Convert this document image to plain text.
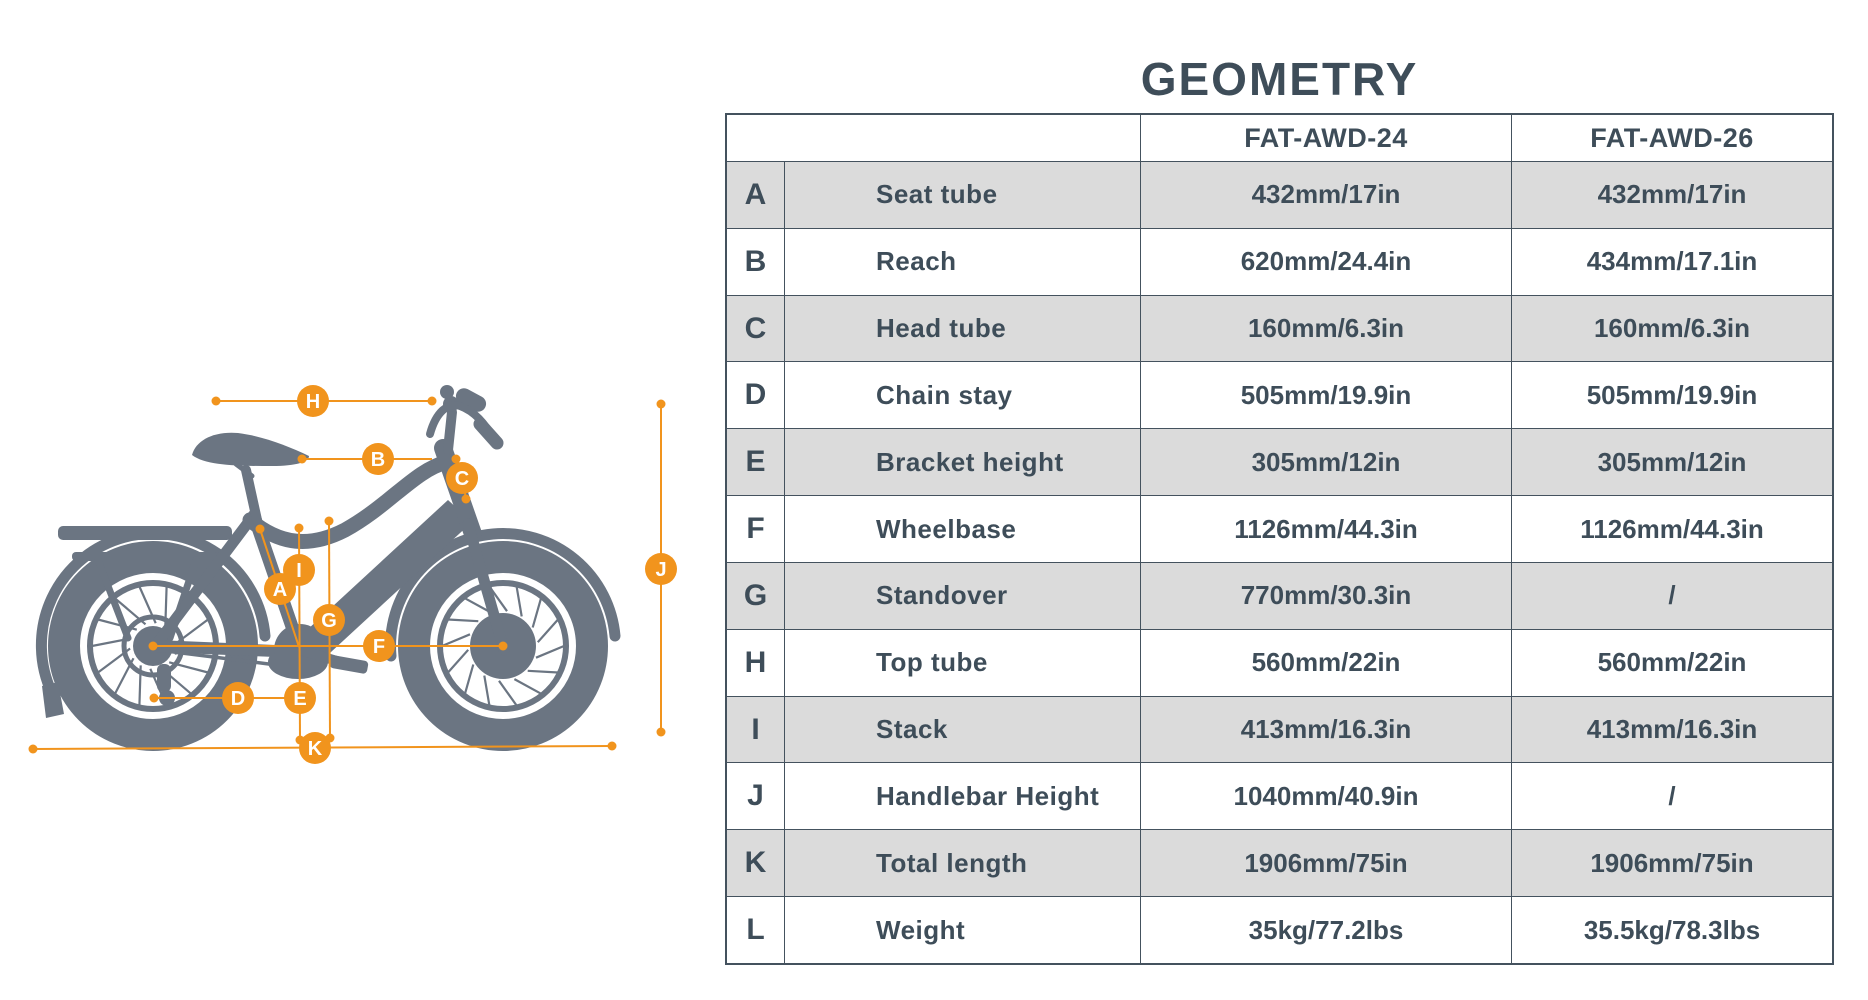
GEOMETRY
A
B
C
D E
F
G
H
I	J
K
FAT-AWD-24	FAT-AWD-26
A	Seat tube	432mm/17in	432mm/17in
B	Reach	620mm/24.4in	434mm/17.1in
C	Head tube	160mm/6.3in	160mm/6.3in
D	Chain stay	505mm/19.9in	505mm/19.9in
E	Bracket height	305mm/12in	305mm/12in
F	Wheelbase	1126mm/44.3in	1126mm/44.3in
G	Standover	770mm/30.3in	/
H	Top tube	560mm/22in	560mm/22in
I	Stack	413mm/16.3in	413mm/16.3in
J	Handlebar Height	1040mm/40.9in	/
K	Total length	1906mm/75in	1906mm/75in
L	Weight	35kg/77.2lbs	35.5kg/78.3lbs
